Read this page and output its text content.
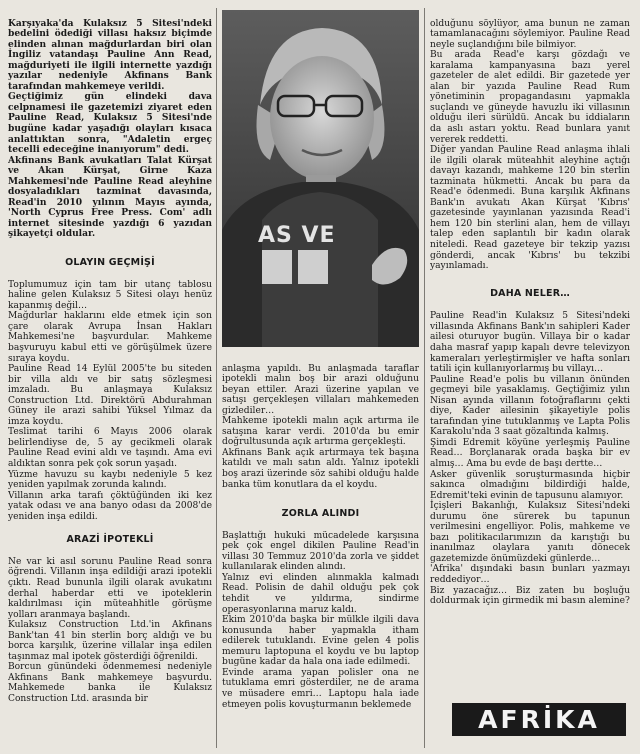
Karşıyaka'da Kulaksız 5 Sitesi'ndeki bedelini ödediği villası haksız biçimde elinden alınan mağdurlardan biri olan İngiliz vatandaşı Pauline Ann Read, mağduriyeti ile ilgili internette yazdığı yazılar nedeniyle Akfinans Bank tarafından mahkemeye verildi.
Geçtiğimiz gün elindeki dava celpnamesi ile gazetemizi ziyaret eden Pauline Read, Kulaksız 5 Sitesi'nde bugüne kadar yaşadığı olayları kısaca anlattıktan sonra, "Adaletin ergeç tecelli edeceğine inanıyorum" dedi.
Akfinans Bank avukatları Talat Kürşat ve Akan Kürşat, Girne Kaza Mahkemesi'nde Pauline Read aleyhine dosyaladıkları tazminat davasında, Read'in 2010 yılının Mayıs ayında, 'North Cyprus Free Press. Com' adlı internet sitesinde yazdığı 6 yazıdan şikayetçi oldular.

OLAYIN GEÇMİŞİ

Toplumumuz için tam bir utanç tablosu haline gelen Kulaksız 5 Sitesi olayı henüz kapanmış değil…
Mağdurlar haklarını elde etmek için son çare olarak Avrupa İnsan Hakları Mahkemesi'ne başvurdular. Mahkeme başvuruyu kabul etti ve görüşülmek üzere sıraya koydu.
Pauline Read 14 Eylül 2005'te bu siteden bir villa aldı ve bir satış sözleşmesi imzaladı. Bu anlaşmaya Kulaksız Construction Ltd. Direktörü Abdurahman Güney ile arazi sahibi Yüksel Yılmaz da imza koydu.
Teslimat tarihi 6 Mayıs 2006 olarak belirlendiyse de, 5 ay gecikmeli olarak Pauline Read evini aldı ve taşındı. Ama evi aldıktan sonra pek çok sorun yaşadı.
Yüzme havuzu su kaybı nedeniyle 5 kez yeniden yapılmak zorunda kalındı.
Villanın arka tarafı çöktüğünden iki kez yatak odası ve ana banyo odası da 2008'de yeniden inşa edildi.

ARAZİ İPOTEKLİ

Ne var ki asıl sorunu Pauline Read sonra öğrendi. Villanın inşa edildiği arazi ipotekli çıktı. Read bununla ilgili olarak avukatını derhal haberdar etti ve ipoteklerin kaldırılması için müteahhitle görüşme yolları aranmaya başlandı.
Kulaksız Construction Ltd.'in Akfinans Bank'tan 41 bin sterlin borç aldığı ve bu borca karşılık, üzerine villalar inşa edilen taşınmaz mal ipotek gösterdiği öğrenildi.
Borcun günündeki ödenmemesi nedeniyle Akfinans Bank mahkemeye başvurdu. Mahkemede banka ile Kulaksız Construction Ltd. arasında bir

AS VE

anlaşma yapıldı. Bu anlaşmada taraflar ipotekli malın boş bir arazi olduğunu beyan ettiler. Arazi üzerine yapılan ve satışı gerçekleşen villaları mahkemeden gizlediler…
Mahkeme ipotekli malın açık artırma ile satışına karar verdi. 2010'da bu emir doğrultusunda açık artırma gerçekleşti.
Akfinans Bank açık artırmaya tek başına katıldı ve malı satın aldı. Yalnız ipotekli boş arazi üzerinde söz sahibi olduğu halde banka tüm konutlara da el koydu.

ZORLA ALINDI

Başlattığı hukuki mücadelede karşısına pek çok engel dikilen Pauline Read'in villası 30 Temmuz 2010'da zorla ve şiddet kullanılarak elinden alındı.
Yalnız evi elinden alınmakla kalmadı Read. Polisin de dahil olduğu pek çok tehdit ve yıldırma, sindirme operasyonlarına maruz kaldı.
Ekim 2010'da başka bir mülkle ilgili dava konusunda haber yapmakla itham edilerek tutuklandı. Evine gelen 4 polis memuru laptopuna el koydu ve bu laptop bugüne kadar da hala ona iade edilmedi.
Evinde arama yapan polisler ona ne tutuklama emri gösterdiler, ne de arama ve müsadere emri… Laptopu hala iade etmeyen polis kovuşturmanın beklemede

olduğunu söylüyor, ama bunun ne zaman tamamlanacağını söylemiyor. Pauline Read neyle suçlandığını bile bilmiyor.
Bu arada Read'e karşı gözdağı ve karalama kampanyasına bazı yerel gazeteler de alet edildi. Bir gazetede yer alan bir yazıda Pauline Read Rum yönetiminin propagandasını yapmakla suçlandı ve güneyde havuzlu iki villasının olduğu ileri sürüldü. Ancak bu iddiaların da aslı astarı yoktu. Read bunlara yanıt vererek reddetti.
Diğer yandan Pauline Read anlaşma ihlali ile ilgili olarak müteahhit aleyhine açtığı davayı kazandı, mahkeme 120 bin sterlin tazminata hükmetti. Ancak bu para da Read'e ödenmedi. Buna karşılık Akfinans Bank'ın avukatı Akan Kürşat 'Kıbrıs' gazetesinde yayınlanan yazısında Read'i hem 120 bin sterlini alan, hem de villayı talep eden saplantılı bir kadın olarak niteledi. Read gazeteye bir tekzip yazısı gönderdi, ancak 'Kıbrıs' bu tekzibi yayınlamadı.

DAHA NELER…

Pauline Read'in Kulaksız 5 Sitesi'ndeki villasında Akfinans Bank'ın sahipleri Kader ailesi oturuyor bugün. Villaya bir o kadar daha masraf yapıp kapalı devre televizyon kameraları yerleştirmişler ve hafta sonları tatili için kullanıyorlarmış bu villayı…
Pauline Read'e polis bu villanın önünden geçmeyi bile yasaklamış. Geçtiğimiz yılın Nisan ayında villanın fotoğraflarını çekti diye, Kader ailesinin şikayetiyle polis tarafından yine tutuklanmış ve Lapta Polis Karakolu'nda 3 saat gözaltında kalmış.
Şimdi Edremit köyüne yerleşmiş Pauline Read… Borçlanarak orada başka bir ev almış… Ama bu evde de başı dertte…
Asker güvenlik soruşturmasında hiçbir sakınca olmadığını bildirdiği halde, Edremit'teki evinin de tapusunu alamıyor.
İçişleri Bakanlığı, Kulaksız Sitesi'ndeki durumu öne sürerek bu tapunun verilmesini engelliyor. Polis, mahkeme ve bazı politikacılarımızın da karıştığı bu inanılmaz olaylara yanıtı dönecek gazetemizde önümüzdeki günlerde…
'Afrika' dışındaki basın bunları yazmayı reddediyor…
Biz yazacağız… Biz zaten bu boşluğu doldurmak için girmedik mi basın alemine?

AFRİKA
